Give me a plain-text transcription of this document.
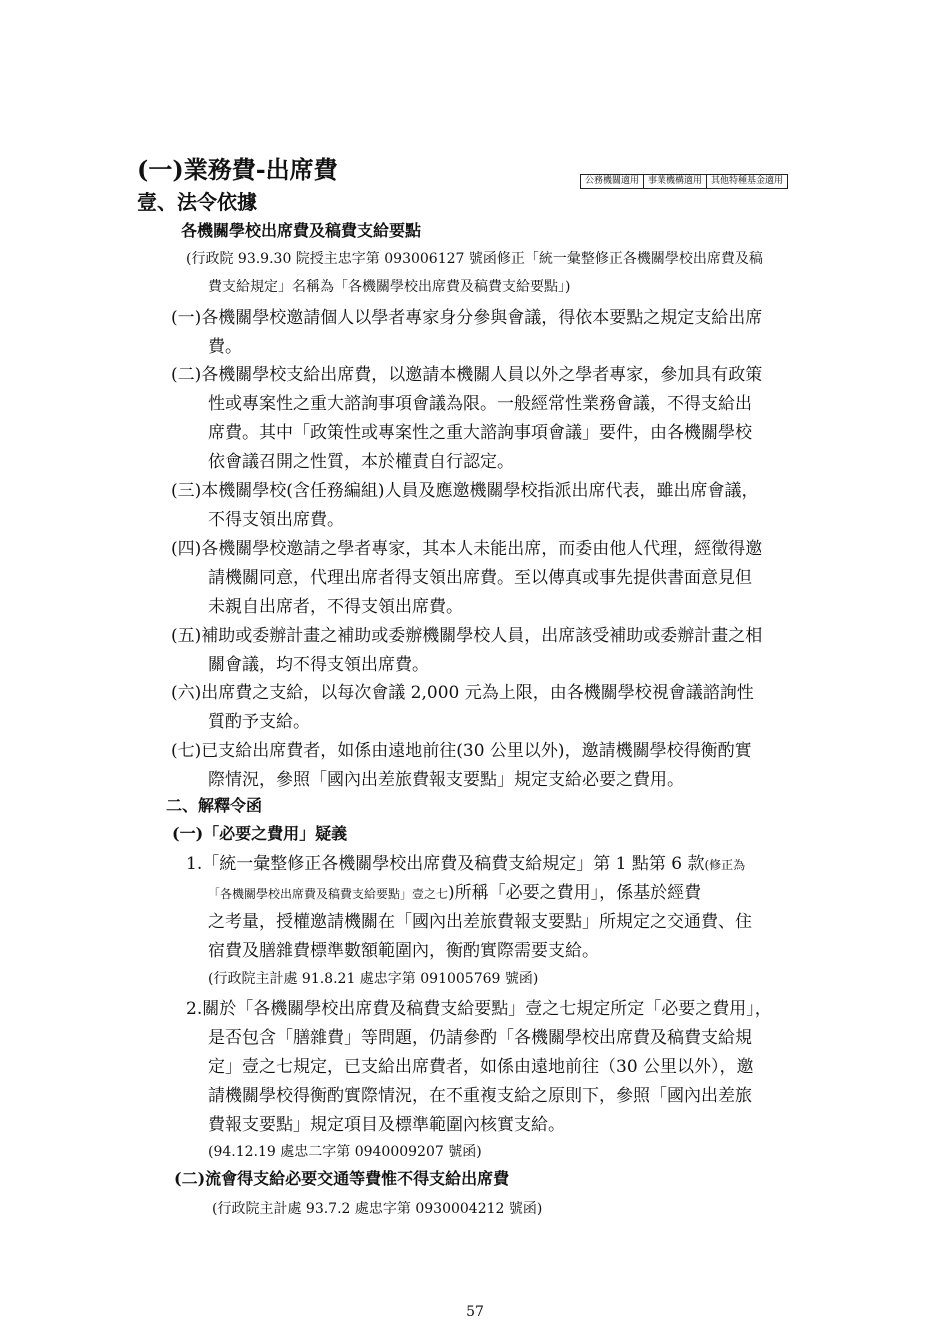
(一)業務費-出席費	公務機關適用	事業機構適用	其他特種基金適用
壹、法令依據
各機關學校出席費及稿費支給要點
(行政院 93.9.30 院授主忠字第 093006127 號函修正「統一彙整修正各機關學校出席費及稿
費支給規定」名稱為「各機關學校出席費及稿費支給要點」)
(一)各機關學校邀請個人以學者專家身分參與會議，得依本要點之規定支給出席
費。
(二)各機關學校支給出席費，以邀請本機關人員以外之學者專家，參加具有政策
性或專案性之重大諮詢事項會議為限。一般經常性業務會議，不得支給出
席費。其中「政策性或專案性之重大諮詢事項會議」要件，由各機關學校
依會議召開之性質，本於權責自行認定。
(三)本機關學校(含任務編組)人員及應邀機關學校指派出席代表，雖出席會議，
不得支領出席費。
(四)各機關學校邀請之學者專家，其本人未能出席，而委由他人代理，經徵得邀
請機關同意，代理出席者得支領出席費。至以傳真或事先提供書面意見但
未親自出席者，不得支領出席費。
(五)補助或委辦計畫之補助或委辦機關學校人員，出席該受補助或委辦計畫之相
關會議，均不得支領出席費。
(六)出席費之支給，以每次會議 2,000 元為上限，由各機關學校視會議諮詢性
質酌予支給。
(七)已支給出席費者，如係由遠地前往(30 公里以外)，邀請機關學校得衡酌實
際情況，參照「國內出差旅費報支要點」規定支給必要之費用。
二、解釋令函
(一)「必要之費用」疑義
1.「統一彙整修正各機關學校出席費及稿費支給規定」第 1 點第 6 款(修正為
「各機關學校出席費及稿費支給要點」壹之七)所稱「必要之費用」，係基於經費
之考量，授權邀請機關在「國內出差旅費報支要點」所規定之交通費、住
宿費及膳雜費標準數額範圍內，衡酌實際需要支給。
(行政院主計處 91.8.21 處忠字第 091005769 號函)
2.關於「各機關學校出席費及稿費支給要點」壹之七規定所定「必要之費用」，
是否包含「膳雜費」等問題，仍請參酌「各機關學校出席費及稿費支給規
定」壹之七規定，已支給出席費者，如係由遠地前往（30 公里以外），邀
請機關學校得衡酌實際情況，在不重複支給之原則下，參照「國內出差旅
費報支要點」規定項目及標準範圍內核實支給。
(94.12.19 處忠二字第 0940009207 號函)
(二)流會得支給必要交通等費惟不得支給出席費
(行政院主計處 93.7.2 處忠字第 0930004212 號函)
57
